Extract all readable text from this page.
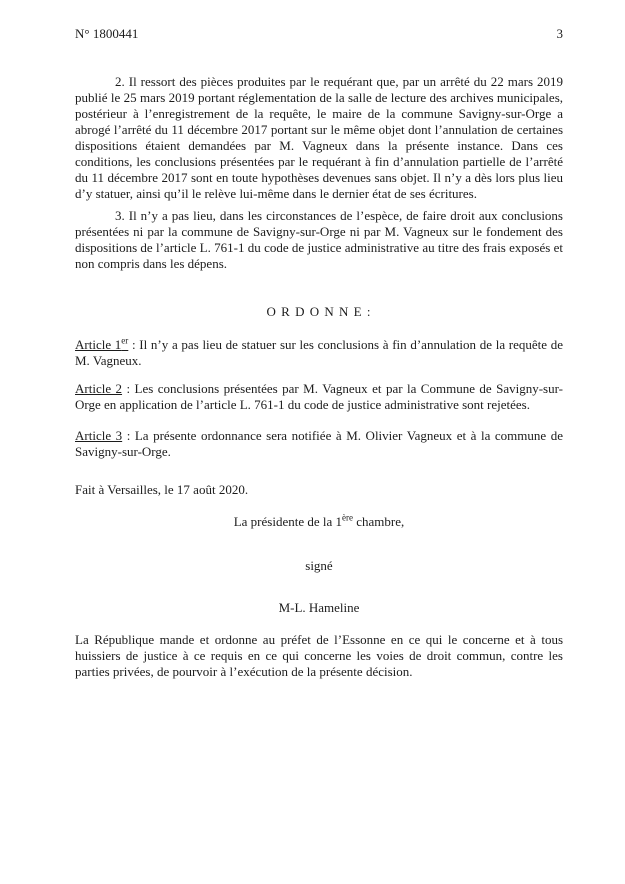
N° 1800441	3

2. Il ressort des pièces produites par le requérant que, par un arrêté du 22 mars 2019 publié le 25 mars 2019 portant réglementation de la salle de lecture des archives municipales, postérieur à l’enregistrement de la requête, le maire de la commune Savigny-sur-Orge a abrogé l’arrêté du 11 décembre 2017 portant sur le même objet dont l’annulation de certaines dispositions étaient demandées par M. Vagneux dans la présente instance. Dans ces conditions, les conclusions présentées par le requérant à fin d’annulation partielle de l’arrêté du 11 décembre 2017 sont en toute hypothèses devenues sans objet. Il n’y a dès lors plus lieu d’y statuer, ainsi qu’il le relève lui-même dans le dernier état de ses écritures.

3. Il n’y a pas lieu, dans les circonstances de l’espèce, de faire droit aux conclusions présentées ni par la commune de Savigny-sur-Orge ni par M. Vagneux sur le fondement des dispositions de l’article L. 761-1 du code de justice administrative au titre des frais exposés et non compris dans les dépens.

O R D O N N E :

Article 1er : Il n’y a pas lieu de statuer sur les conclusions à fin d’annulation de la requête de M. Vagneux.

Article 2 : Les conclusions présentées par M. Vagneux et par la Commune de Savigny-sur-Orge en application de l’article L. 761-1 du code de justice administrative sont rejetées.

Article 3 : La présente ordonnance sera notifiée à M. Olivier Vagneux et à la commune de Savigny-sur-Orge.

Fait à Versailles, le 17 août 2020.
La présidente de la 1ère chambre,
signé
M-L. Hameline

La République mande et ordonne au préfet de l’Essonne en ce qui le concerne et à tous huissiers de justice à ce requis en ce qui concerne les voies de droit commun, contre les parties privées, de pourvoir à l’exécution de la présente décision.
